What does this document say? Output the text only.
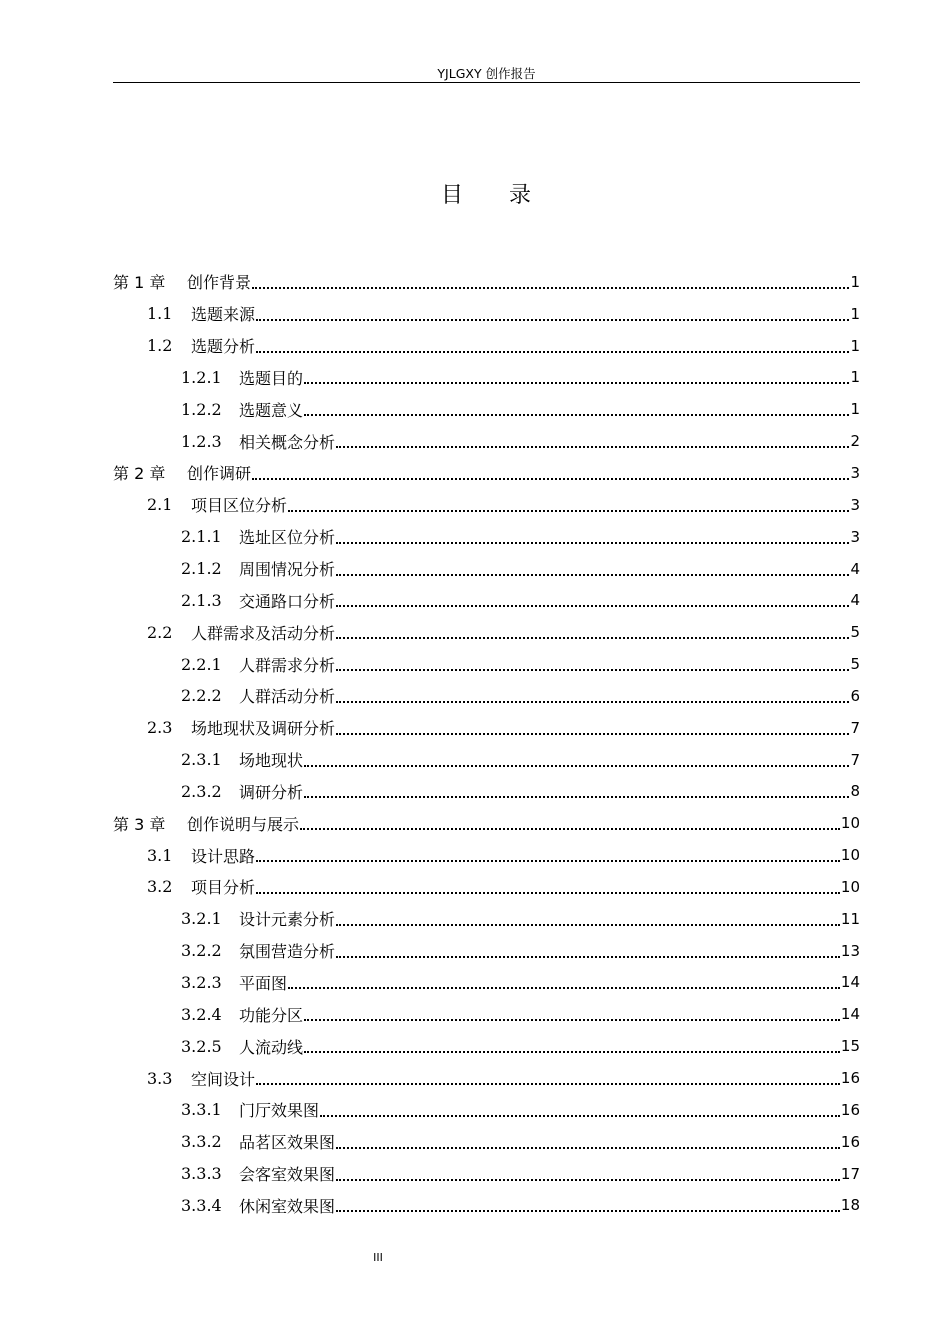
YJLGXY 创作报告
目 录
第 1 章	创作背景	1
1.1	选题来源	1
1.2	选题分析	1
1.2.1	选题目的	1
1.2.2	选题意义	1
1.2.3	相关概念分析	2
第 2 章	创作调研	3
2.1	项目区位分析	3
2.1.1	选址区位分析	3
2.1.2	周围情况分析	4
2.1.3	交通路口分析	4
2.2	人群需求及活动分析	5
2.2.1	人群需求分析	5
2.2.2	人群活动分析	6
2.3	场地现状及调研分析	7
2.3.1	场地现状	7
2.3.2	调研分析	8
第 3 章	创作说明与展示	10
3.1	设计思路	10
3.2	项目分析	10
3.2.1	设计元素分析	11
3.2.2	氛围营造分析	13
3.2.3	平面图	14
3.2.4	功能分区	14
3.2.5	人流动线	15
3.3	空间设计	16
3.3.1	门厅效果图	16
3.3.2	品茗区效果图	16
3.3.3	会客室效果图	17
3.3.4	休闲室效果图	18
III
